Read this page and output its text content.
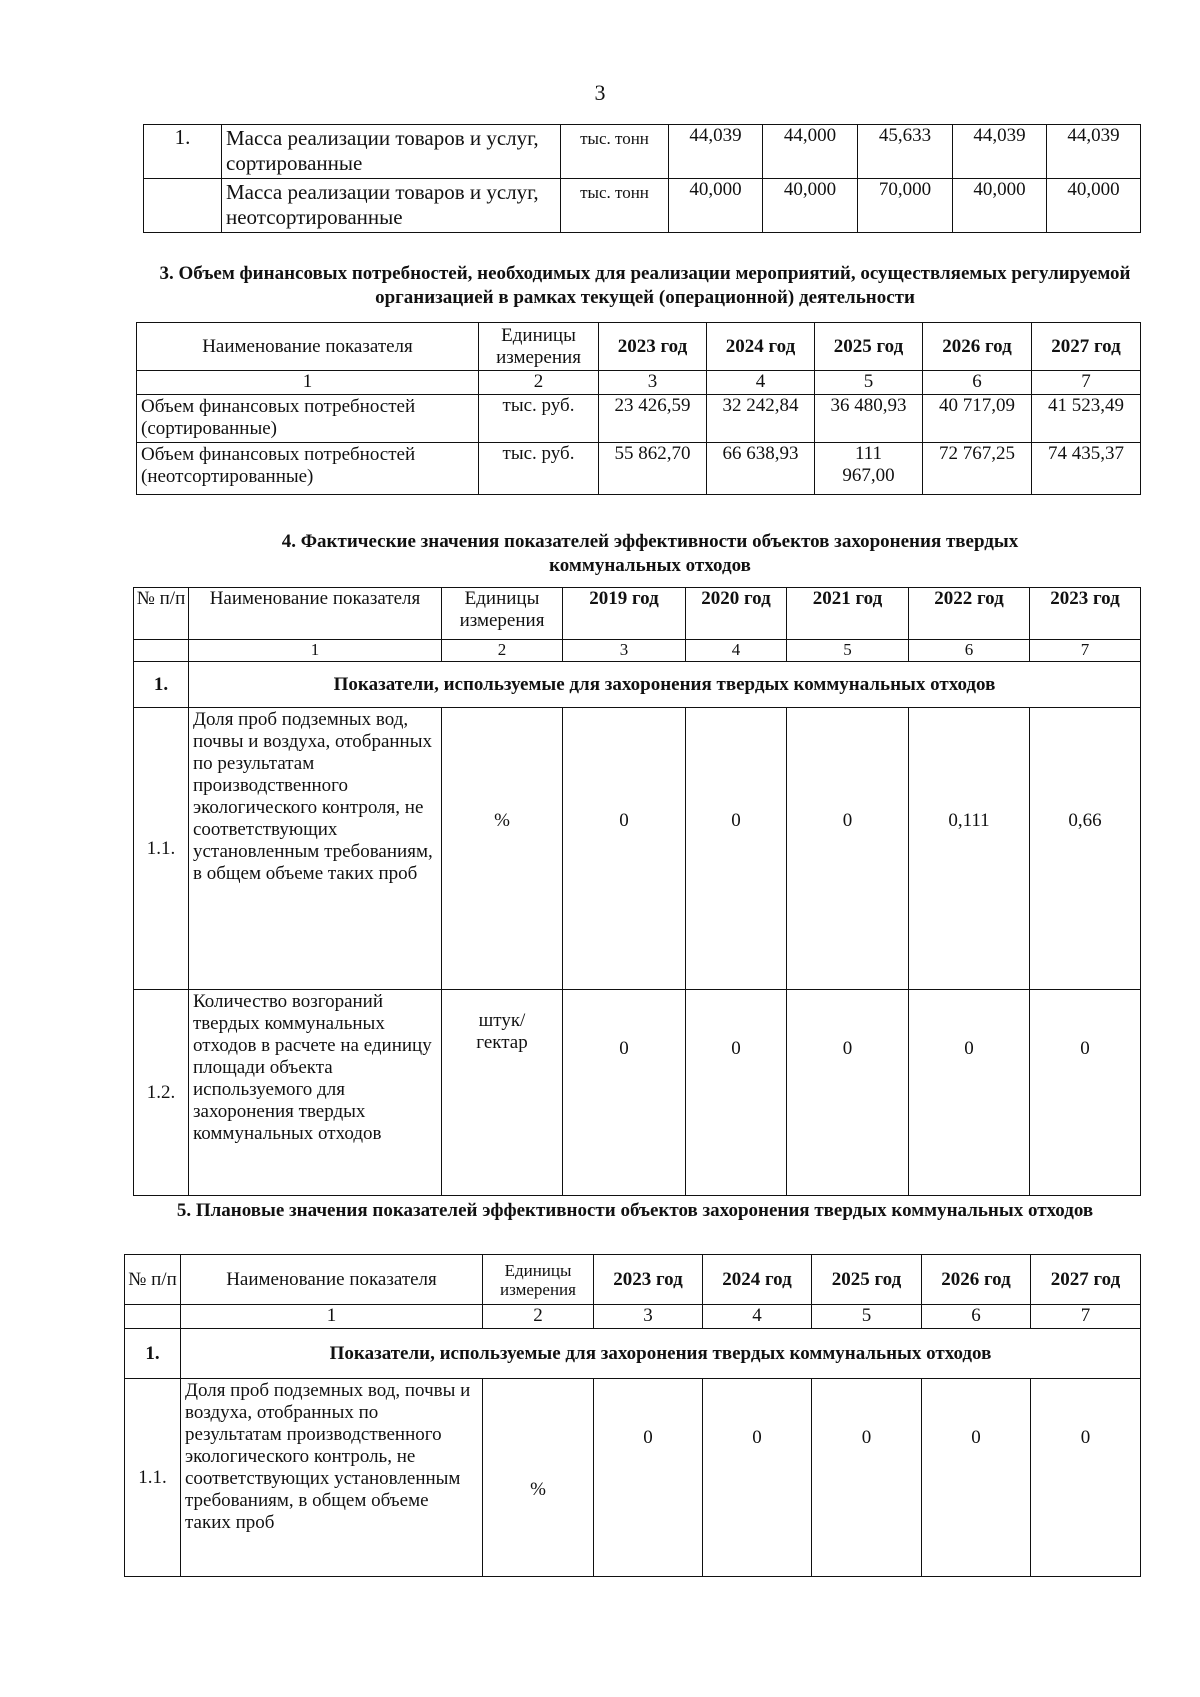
3
1.	Масса реализации товаров и услуг, сортированные	тыс. тонн	44,039	44,000	45,633	44,039	44,039
	Масса реализации товаров и услуг, неотсортированные	тыс. тонн	40,000	40,000	70,000	40,000	40,000
3. Объем финансовых потребностей, необходимых для реализации мероприятий, осуществляемых регулируемой организацией в рамках текущей (операционной) деятельности
Наименование показателя	Единицы измерения	2023 год	2024 год	2025 год	2026 год	2027 год
1	2	3	4	5	6	7
Объем финансовых потребностей (сортированные)	тыс. руб.	23 426,59	32 242,84	36 480,93	40 717,09	41 523,49
Объем финансовых потребностей (неотсортированные)	тыс. руб.	55 862,70	66 638,93	111 967,00	72 767,25	74 435,37
4. Фактические значения показателей эффективности объектов захоронения твердых коммунальных отходов
№ п/п	Наименование показателя	Единицы измерения	2019 год	2020 год	2021 год	2022 год	2023 год
	1	2	3	4	5	6	7
1.	Показатели, используемые для захоронения твердых коммунальных отходов						
1.1.	Доля проб подземных вод, почвы и воздуха, отобранных по результатам производственного экологического контроля, не соответствующих установленным требованиям, в общем объеме таких проб	%	0	0	0	0,111	0,66
1.2.	Количество возгораний твердых коммунальных отходов в расчете на единицу площади объекта используемого для захоронения твердых коммунальных отходов	штук/ гектар	0	0	0	0	0
5. Плановые значения показателей эффективности объектов захоронения твердых коммунальных отходов
№ п/п	Наименование показателя	Единицы измерения	2023 год	2024 год	2025 год	2026 год	2027 год
	1	2	3	4	5	6	7
1.	Показатели, используемые для захоронения твердых коммунальных отходов						
1.1.	Доля проб подземных вод, почвы и воздуха, отобранных по результатам производственного экологического контроль, не соответствующих установленным требованиям, в общем объеме таких проб	%	0	0	0	0	0
